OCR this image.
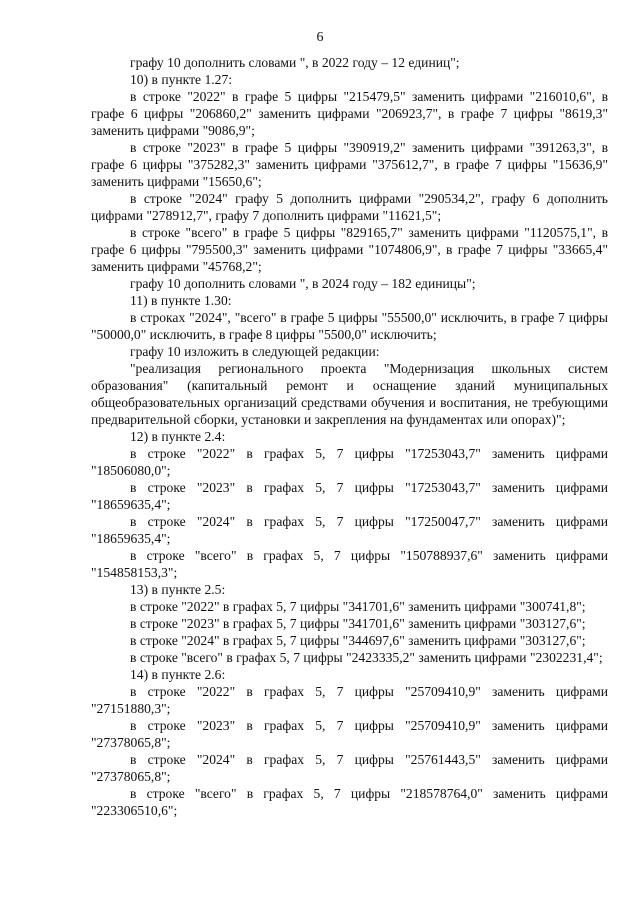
6

графу 10 дополнить словами ", в 2022 году – 12 единиц";

10) в пункте 1.27:

в строке "2022" в графе 5 цифры "215479,5" заменить цифрами "216010,6", в графе 6 цифры "206860,2" заменить цифрами "206923,7", в графе 7 цифры "8619,3" заменить цифрами "9086,9";

в строке "2023" в графе 5 цифры "390919,2" заменить цифрами "391263,3", в графе 6 цифры "375282,3" заменить цифрами "375612,7", в графе 7 цифры "15636,9" заменить цифрами "15650,6";

в строке "2024" графу 5 дополнить цифрами "290534,2", графу 6 дополнить цифрами "278912,7", графу 7 дополнить цифрами "11621,5";

в строке "всего" в графе 5 цифры "829165,7" заменить цифрами "1120575,1", в графе 6 цифры "795500,3" заменить цифрами "1074806,9", в графе 7 цифры "33665,4" заменить цифрами "45768,2";

графу 10 дополнить словами ", в 2024 году – 182 единицы";

11) в пункте 1.30:

в строках "2024", "всего" в графе 5 цифры "55500,0" исключить, в графе 7 цифры "50000,0" исключить, в графе 8 цифры "5500,0" исключить;

графу 10 изложить в следующей редакции:

"реализация регионального проекта "Модернизация школьных систем образования" (капитальный ремонт и оснащение зданий муниципальных общеобразовательных организаций средствами обучения и воспитания, не требующими предварительной сборки, установки и закрепления на фундаментах или опорах)";

12) в пункте 2.4:

в строке "2022" в графах 5, 7 цифры "17253043,7" заменить цифрами "18506080,0";

в строке "2023" в графах 5, 7 цифры "17253043,7" заменить цифрами "18659635,4";

в строке "2024" в графах 5, 7 цифры "17250047,7" заменить цифрами "18659635,4";

в строке "всего" в графах 5, 7 цифры "150788937,6" заменить цифрами "154858153,3";

13) в пункте 2.5:

в строке "2022" в графах 5, 7 цифры "341701,6" заменить цифрами "300741,8";

в строке "2023" в графах 5, 7 цифры "341701,6" заменить цифрами "303127,6";

в строке "2024" в графах 5, 7 цифры "344697,6" заменить цифрами "303127,6";

в строке "всего" в графах 5, 7 цифры "2423335,2" заменить цифрами "2302231,4";

14) в пункте 2.6:

в строке "2022" в графах 5, 7 цифры "25709410,9" заменить цифрами "27151880,3";

в строке "2023" в графах 5, 7 цифры "25709410,9" заменить цифрами "27378065,8";

в строке "2024" в графах 5, 7 цифры "25761443,5" заменить цифрами "27378065,8";

в строке "всего" в графах 5, 7 цифры "218578764,0" заменить цифрами "223306510,6";
